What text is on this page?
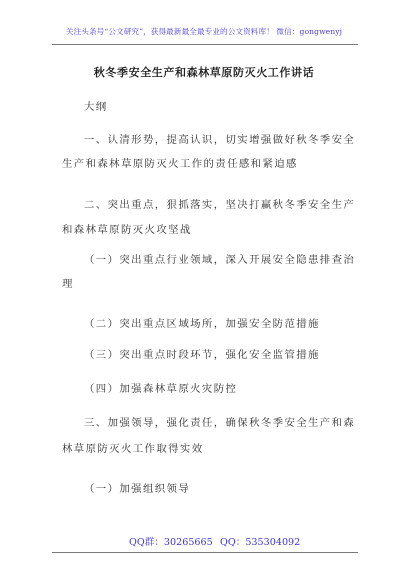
关注头条号“公文研究”，获得最新最全最专业的公文资料库！ 微信：gongwenyj
秋冬季安全生产和森林草原防灭火工作讲话
大纲
一、认清形势，提高认识，切实增强做好秋冬季安全
生产和森林草原防灭火工作的责任感和紧迫感
二、突出重点，狠抓落实，坚决打赢秋冬季安全生产
和森林草原防灭火攻坚战
（一）突出重点行业领域，深入开展安全隐患排查治
理
（二）突出重点区域场所，加强安全防范措施
（三）突出重点时段环节，强化安全监管措施
（四）加强森林草原火灾防控
三、加强领导，强化责任，确保秋冬季安全生产和森
林草原防灭火工作取得实效
（一）加强组织领导
QQ群：30265665 QQ：535304092
